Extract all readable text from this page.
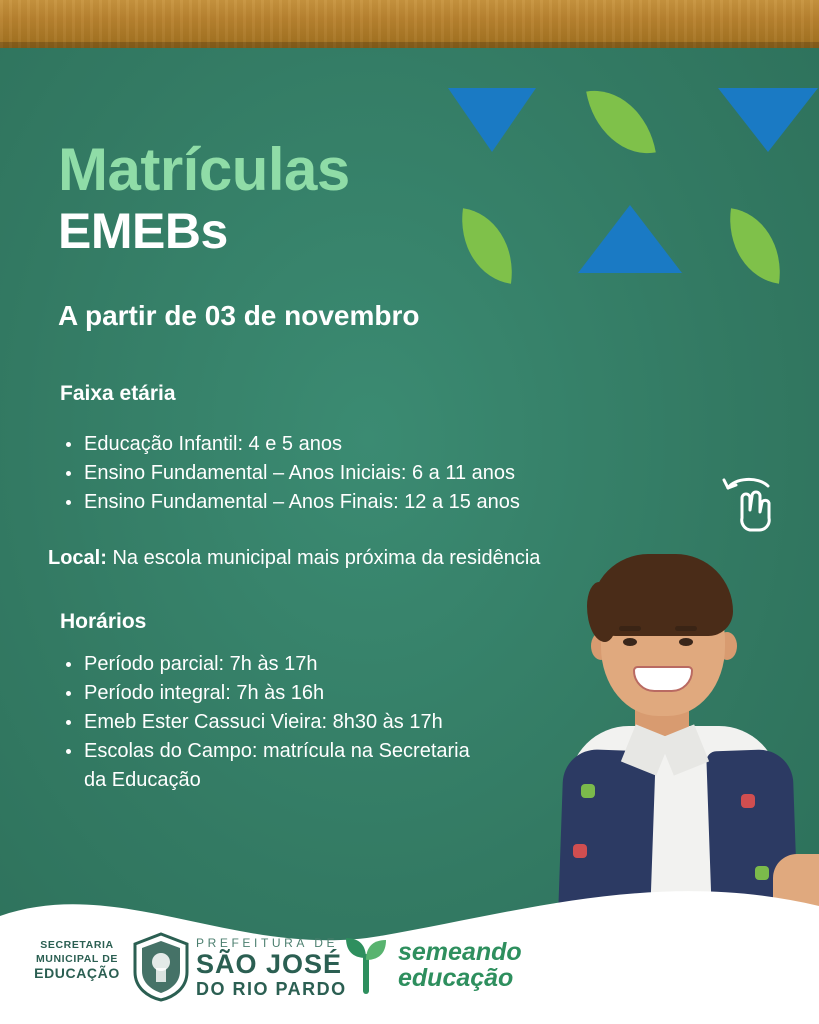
Matrículas
EMEBs
A partir de 03 de novembro
Faixa etária
Educação Infantil: 4 e 5 anos
Ensino Fundamental – Anos Iniciais: 6 a 11 anos
Ensino Fundamental – Anos Finais: 12 a 15 anos
Local: Na escola municipal mais próxima da residência
Horários
Período parcial: 7h às 17h
Período integral: 7h às 16h
Emeb Ester Cassuci Vieira: 8h30 às 17h
Escolas do Campo: matrícula na Secretaria
da Educação
SECRETARIA
MUNICIPAL DE
EDUCAÇÃO
PREFEITURA DE
SÃO JOSÉ
DO RIO PARDO
semeando
educação
